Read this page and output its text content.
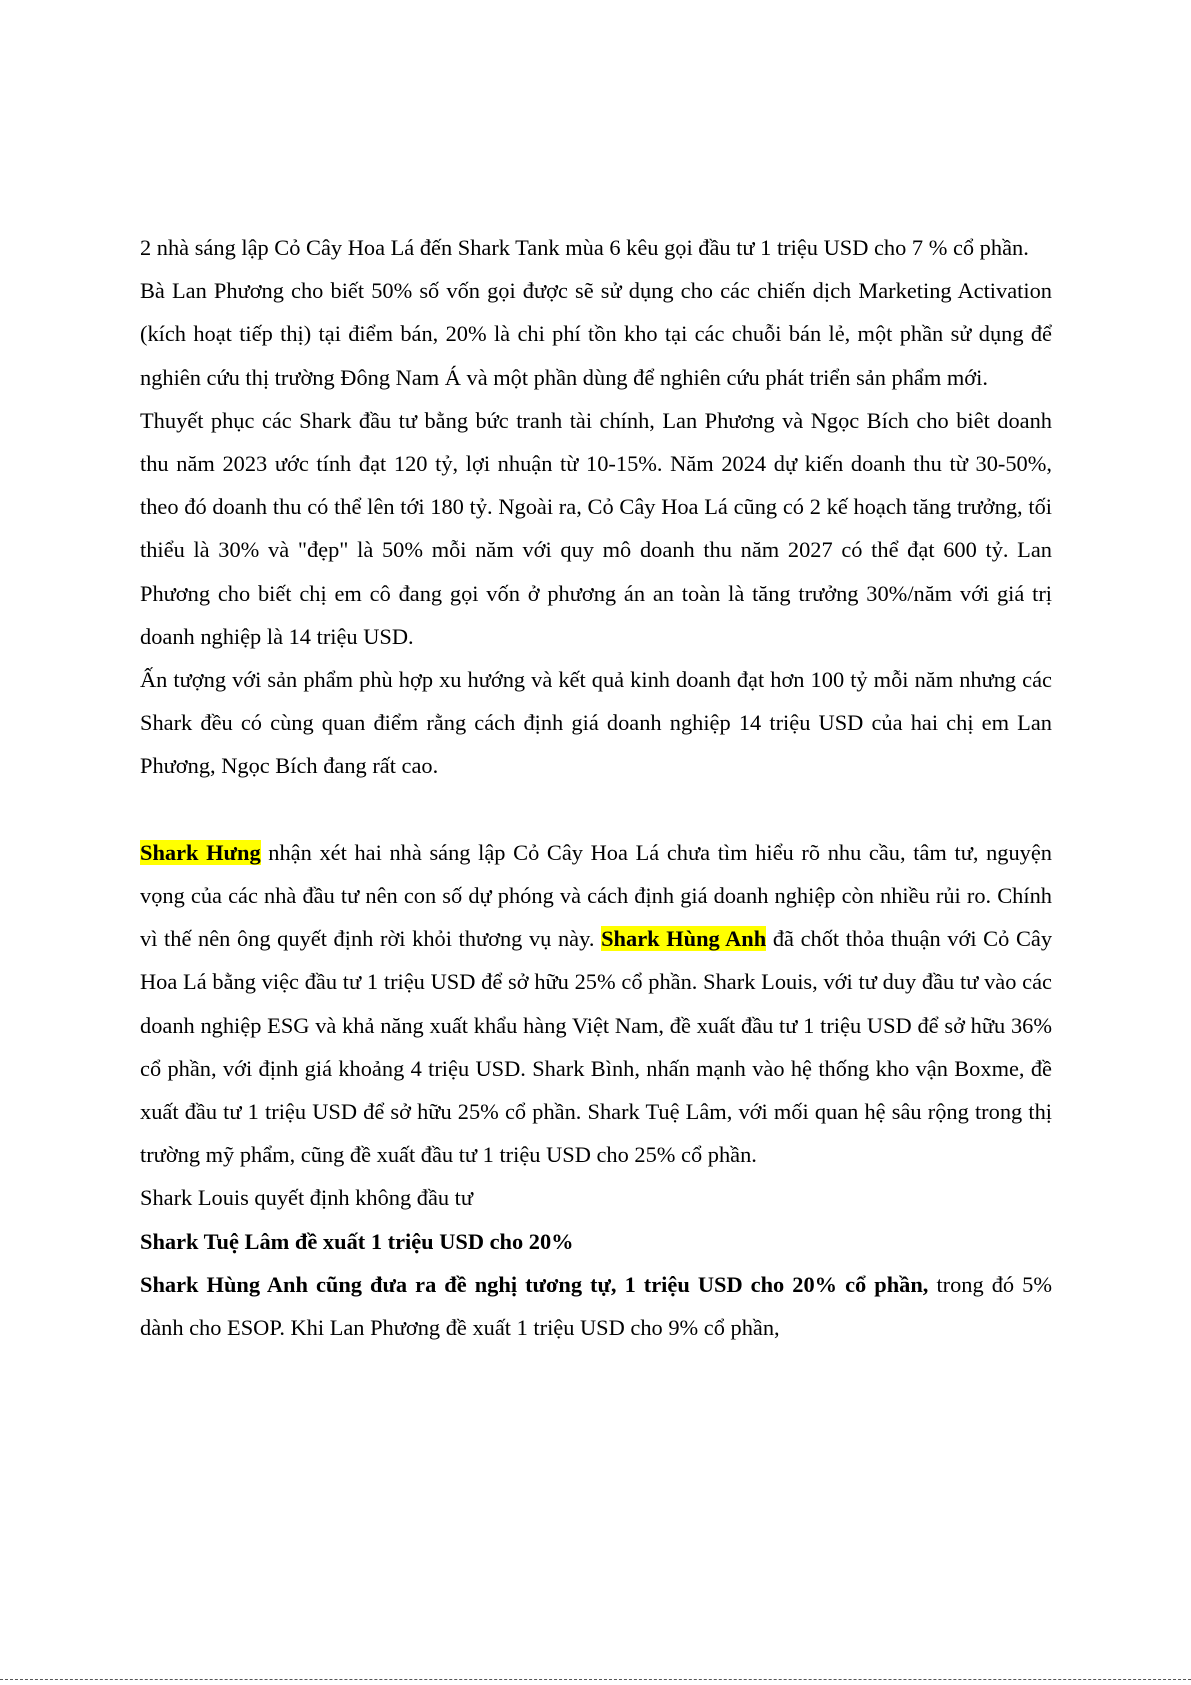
2 nhà sáng lập Cỏ Cây Hoa Lá đến Shark Tank mùa 6 kêu gọi đầu tư 1 triệu USD cho 7 % cổ phần.

Bà Lan Phương cho biết 50% số vốn gọi được sẽ sử dụng cho các chiến dịch Marketing Activation (kích hoạt tiếp thị) tại điểm bán, 20% là chi phí tồn kho tại các chuỗi bán lẻ, một phần sử dụng để nghiên cứu thị trường Đông Nam Á và một phần dùng để nghiên cứu phát triển sản phẩm mới.

Thuyết phục các Shark đầu tư bằng bức tranh tài chính, Lan Phương và Ngọc Bích cho biêt doanh thu năm 2023 ước tính đạt 120 tỷ, lợi nhuận từ 10-15%. Năm 2024 dự kiến doanh thu từ 30-50%, theo đó doanh thu có thể lên tới 180 tỷ. Ngoài ra, Cỏ Cây Hoa Lá cũng có 2 kế hoạch tăng trưởng, tối thiểu là 30% và "đẹp" là 50% mỗi năm với quy mô doanh thu năm 2027 có thể đạt 600 tỷ. Lan Phương cho biết chị em cô đang gọi vốn ở phương án an toàn là tăng trưởng 30%/năm với giá trị doanh nghiệp là 14 triệu USD.

Ấn tượng với sản phẩm phù hợp xu hướng và kết quả kinh doanh đạt hơn 100 tỷ mỗi năm nhưng các Shark đều có cùng quan điểm rằng cách định giá doanh nghiệp 14 triệu USD của hai chị em Lan Phương, Ngọc Bích đang rất cao.

Shark Hưng nhận xét hai nhà sáng lập Cỏ Cây Hoa Lá chưa tìm hiểu rõ nhu cầu, tâm tư, nguyện vọng của các nhà đầu tư nên con số dự phóng và cách định giá doanh nghiệp còn nhiều rủi ro. Chính vì thế nên ông quyết định rời khỏi thương vụ này. Shark Hùng Anh đã chốt thỏa thuận với Cỏ Cây Hoa Lá bằng việc đầu tư 1 triệu USD để sở hữu 25% cổ phần. Shark Louis, với tư duy đầu tư vào các doanh nghiệp ESG và khả năng xuất khẩu hàng Việt Nam, đề xuất đầu tư 1 triệu USD để sở hữu 36% cổ phần, với định giá khoảng 4 triệu USD. Shark Bình, nhấn mạnh vào hệ thống kho vận Boxme, đề xuất đầu tư 1 triệu USD để sở hữu 25% cổ phần. Shark Tuệ Lâm, với mối quan hệ sâu rộng trong thị trường mỹ phẩm, cũng đề xuất đầu tư 1 triệu USD cho 25% cổ phần.

Shark Louis quyết định không đầu tư

Shark Tuệ Lâm đề xuất 1 triệu USD cho 20%

Shark Hùng Anh cũng đưa ra đề nghị tương tự, 1 triệu USD cho 20% cổ phần, trong đó 5% dành cho ESOP. Khi Lan Phương đề xuất 1 triệu USD cho 9% cổ phần,
